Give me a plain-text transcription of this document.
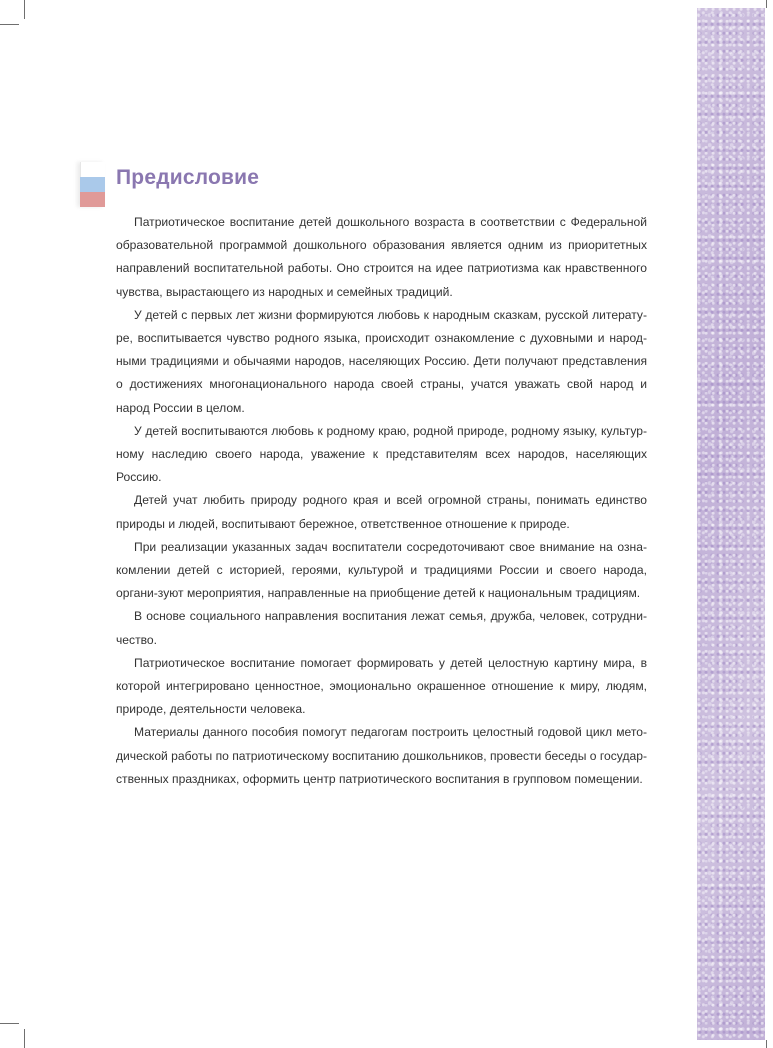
Предисловие

Патриотическое воспитание детей дошкольного возраста в соответствии с Федеральной образовательной программой дошкольного образования является одним из приоритетных направлений воспитательной работы. Оно строится на идее патриотизма как нравственного чувства, вырастающего из народных и семейных традиций.

У детей с первых лет жизни формируются любовь к народным сказкам, русской литерату-ре, воспитывается чувство родного языка, происходит ознакомление с духовными и народ-ными традициями и обычаями народов, населяющих Россию. Дети получают представления о достижениях многонационального народа своей страны, учатся уважать свой народ и народ России в целом.

У детей воспитываются любовь к родному краю, родной природе, родному языку, культур-ному наследию своего народа, уважение к представителям всех народов, населяющих Россию.

Детей учат любить природу родного края и всей огромной страны, понимать единство природы и людей, воспитывают бережное, ответственное отношение к природе.

При реализации указанных задач воспитатели сосредоточивают свое внимание на озна-комлении детей с историей, героями, культурой и традициями России и своего народа, органи-зуют мероприятия, направленные на приобщение детей к национальным традициям.

В основе социального направления воспитания лежат семья, дружба, человек, сотрудни-чество.

Патриотическое воспитание помогает формировать у детей целостную картину мира, в которой интегрировано ценностное, эмоционально окрашенное отношение к миру, людям, природе, деятельности человека.

Материалы данного пособия помогут педагогам построить целостный годовой цикл мето-дической работы по патриотическому воспитанию дошкольников, провести беседы о государ-ственных праздниках, оформить центр патриотического воспитания в групповом помещении.
